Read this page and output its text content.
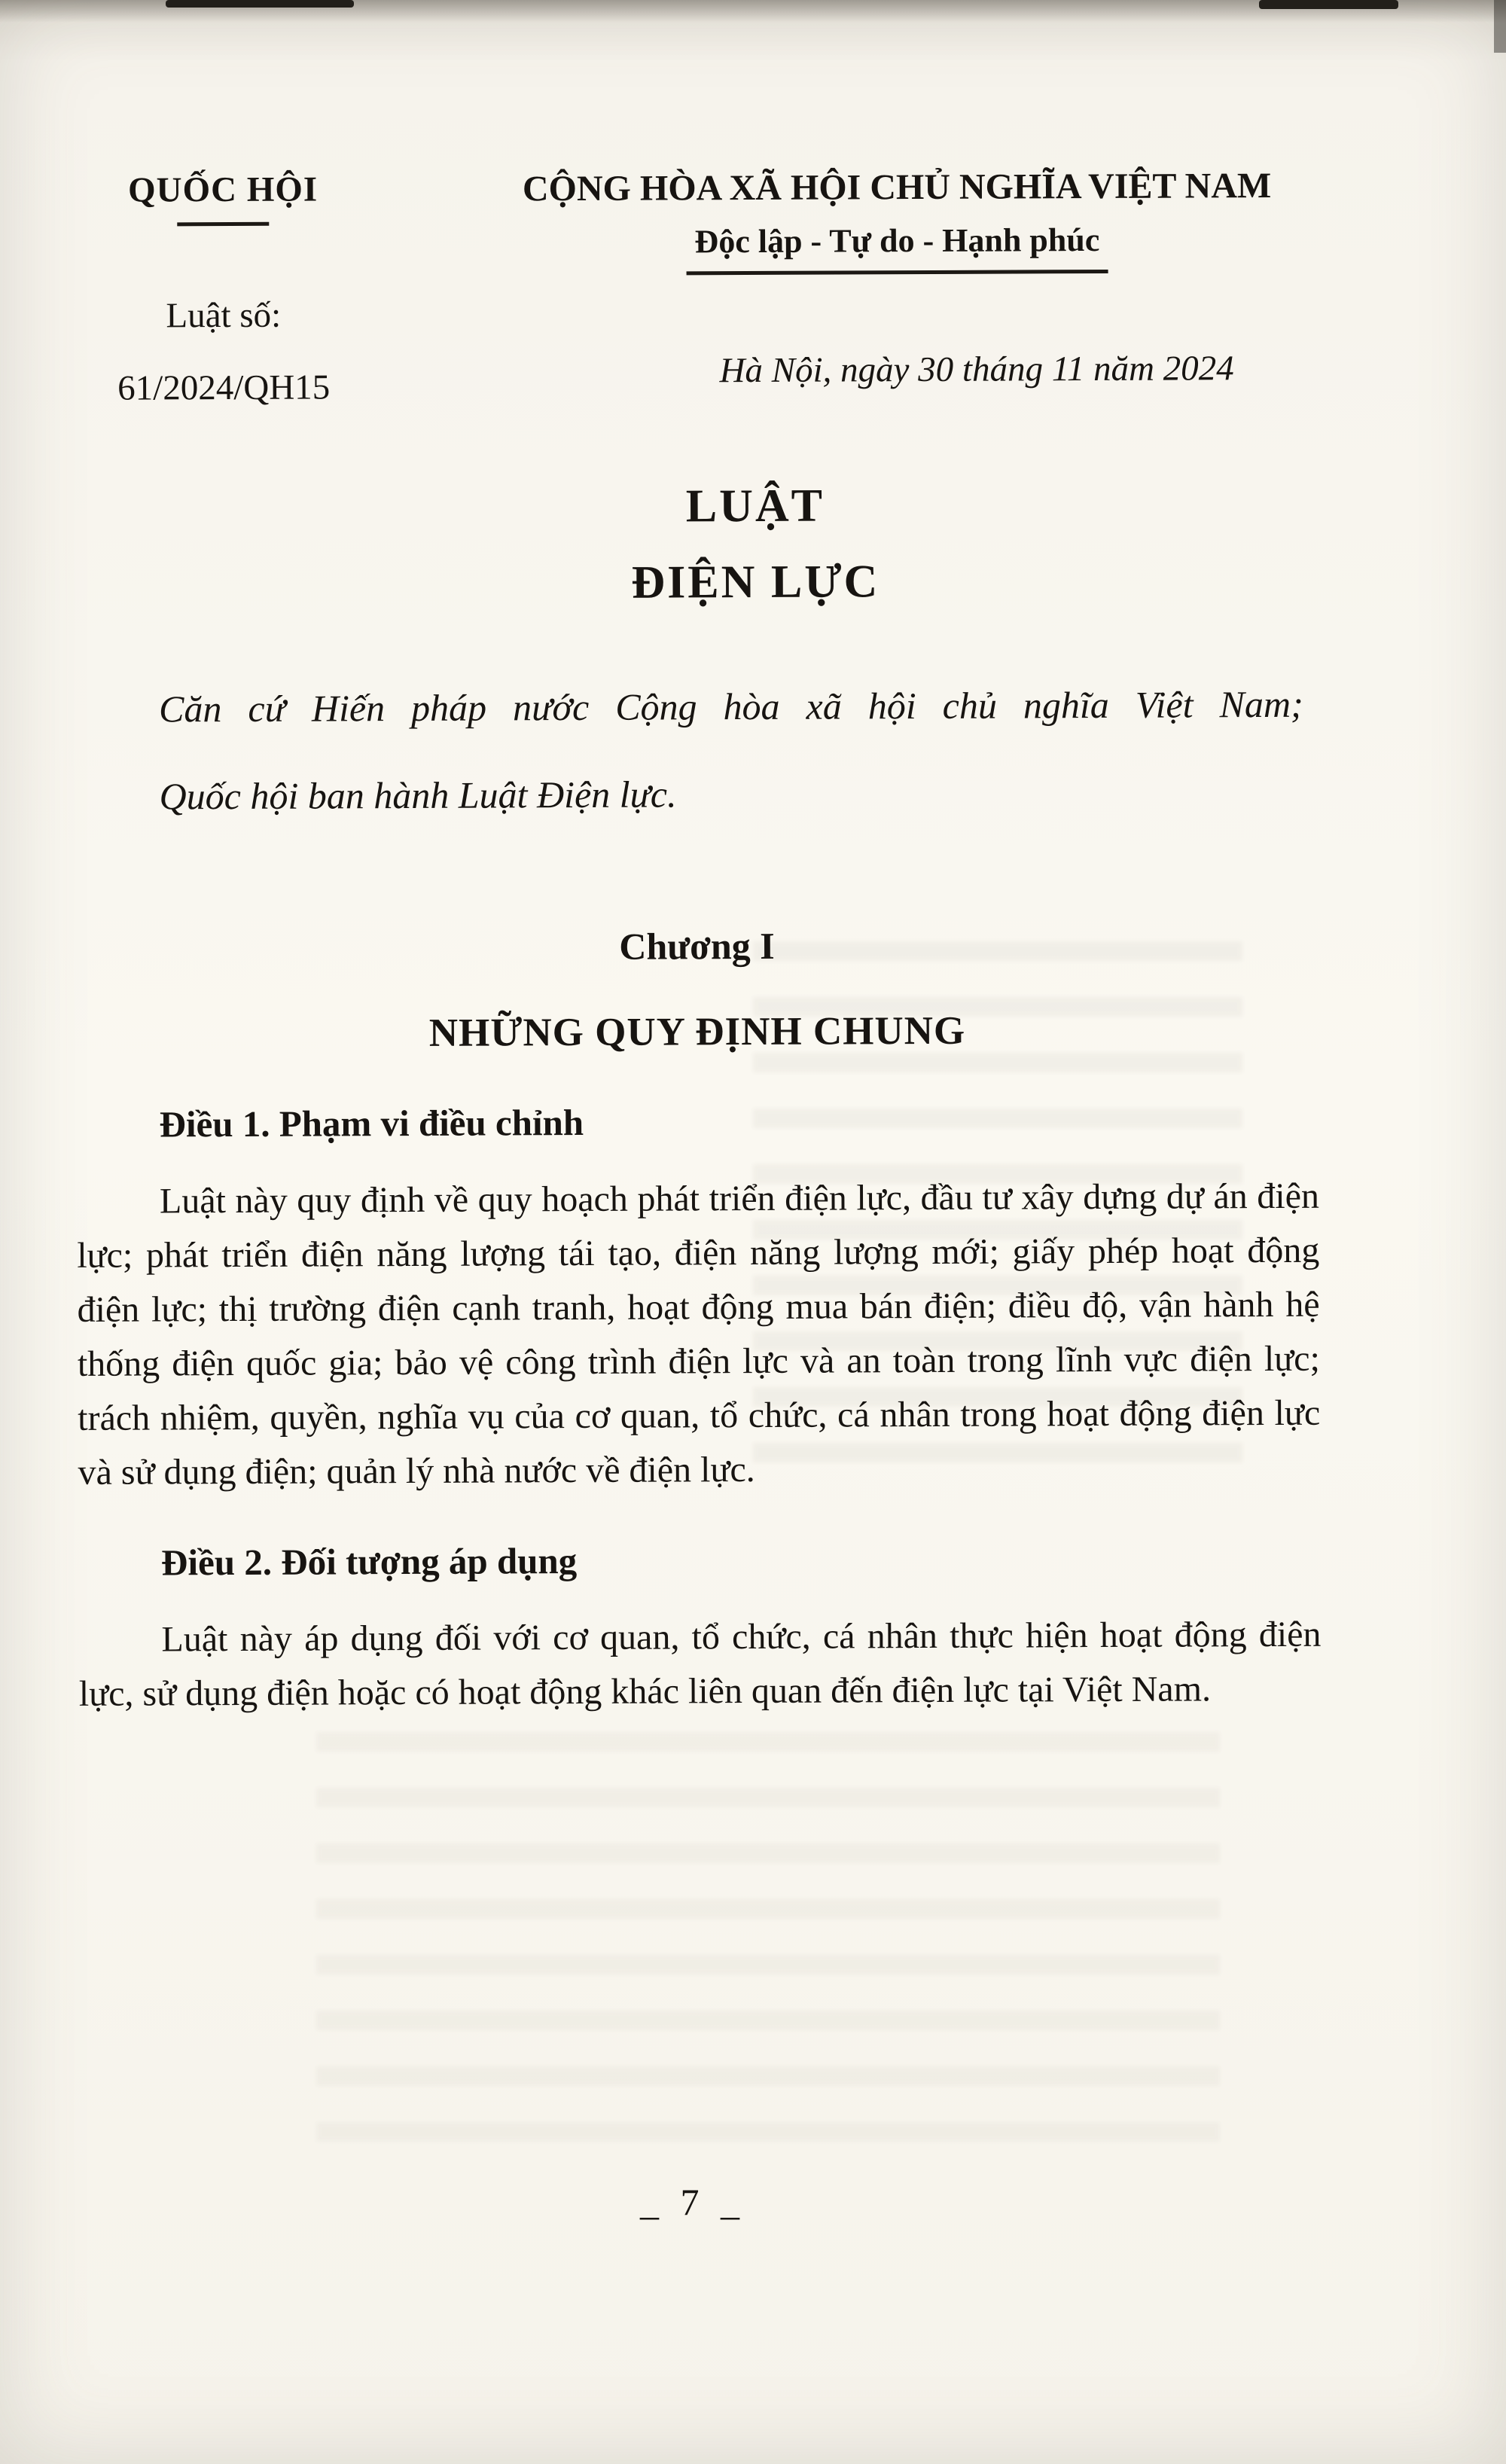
QUỐC HỘI
Luật số:
61/2024/QH15
CỘNG HÒA XÃ HỘI CHỦ NGHĨA VIỆT NAM
Độc lập - Tự do - Hạnh phúc
Hà Nội, ngày 30 tháng 11 năm 2024
LUẬT
ĐIỆN LỰC

Căn cứ Hiến pháp nước Cộng hòa xã hội chủ nghĩa Việt Nam;

Quốc hội ban hành Luật Điện lực.

Chương I
NHỮNG QUY ĐỊNH CHUNG
Điều 1. Phạm vi điều chỉnh

Luật này quy định về quy hoạch phát triển điện lực, đầu tư xây dựng dự án điện lực; phát triển điện năng lượng tái tạo, điện năng lượng mới; giấy phép hoạt động điện lực; thị trường điện cạnh tranh, hoạt động mua bán điện; điều độ, vận hành hệ thống điện quốc gia; bảo vệ công trình điện lực và an toàn trong lĩnh vực điện lực; trách nhiệm, quyền, nghĩa vụ của cơ quan, tổ chức, cá nhân trong hoạt động điện lực và sử dụng điện; quản lý nhà nước về điện lực.

Điều 2. Đối tượng áp dụng

Luật này áp dụng đối với cơ quan, tổ chức, cá nhân thực hiện hoạt động điện lực, sử dụng điện hoặc có hoạt động khác liên quan đến điện lực tại Việt Nam.

_ 7 _
